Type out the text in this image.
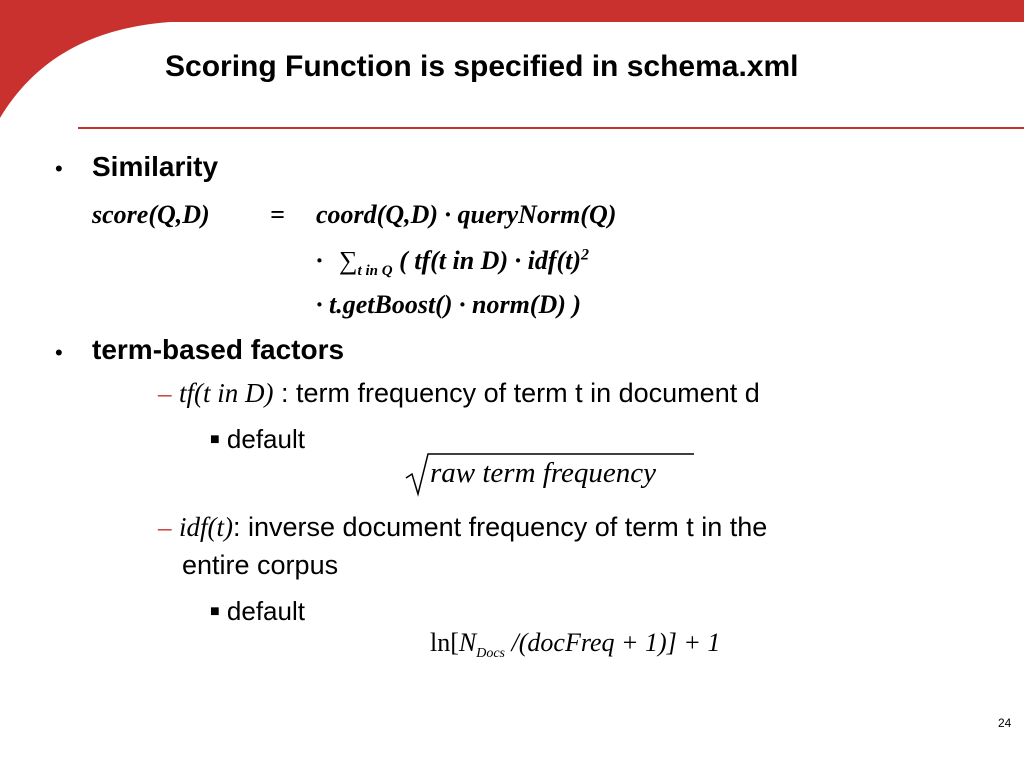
Scoring Function is specified in schema.xml
• Similarity
score(Q,D) = coord(Q,D) · queryNorm(Q)
· $\sum_{t in Q}$ ( tf(t in $D) \cdot idf(t)^2$
· t.getBoost() · norm(D) )
• term-based factors
– tf(t in D) : term frequency of term t in document d
■ default
raw term frequency
– idf(t): inverse document frequency of term t in the
entire corpus
■ default
$\ln[N_{Docs}$ /(docFreq + 1)] + 1
24
